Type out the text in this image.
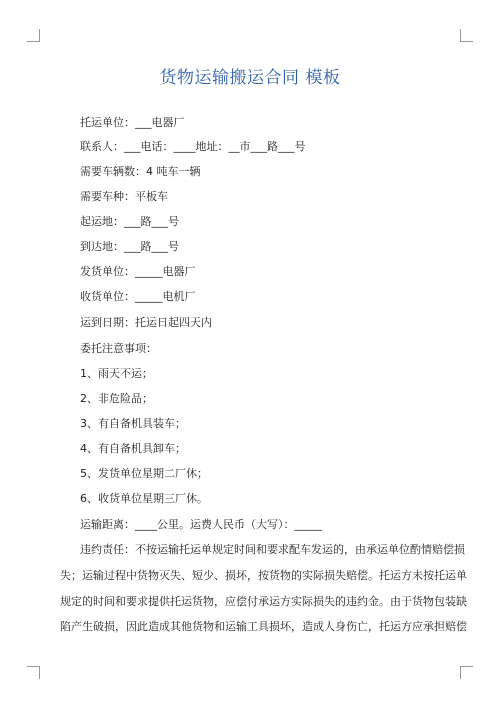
货物运输搬运合同 模板
托运单位：___电器厂
联系人：___电话：____地址：__市___路___号
需要车辆数：4 吨车一辆
需要车种：平板车
起运地：___路___号
到达地：___路___号
发货单位：_____电器厂
收货单位：_____电机厂
运到日期：托运日起四天内
委托注意事项：
1、雨天不运；
2、非危险品；
3、有自备机具装车；
4、有自备机具卸车；
5、发货单位星期二厂休；
6、收货单位星期三厂休。
运输距离：____公里。运费人民币（大写）：_____
违约责任：不按运输托运单规定时间和要求配车发运的，由承运单位酌情赔偿损
失；运输过程中货物灭失、短少、损坏，按货物的实际损失赔偿。托运方未按托运单
规定的时间和要求提供托运货物，应偿付承运方实际损失的违约金。由于货物包装缺
陷产生破损，因此造成其他货物和运输工具损坏，造成人身伤亡，托运方应承担赔偿
